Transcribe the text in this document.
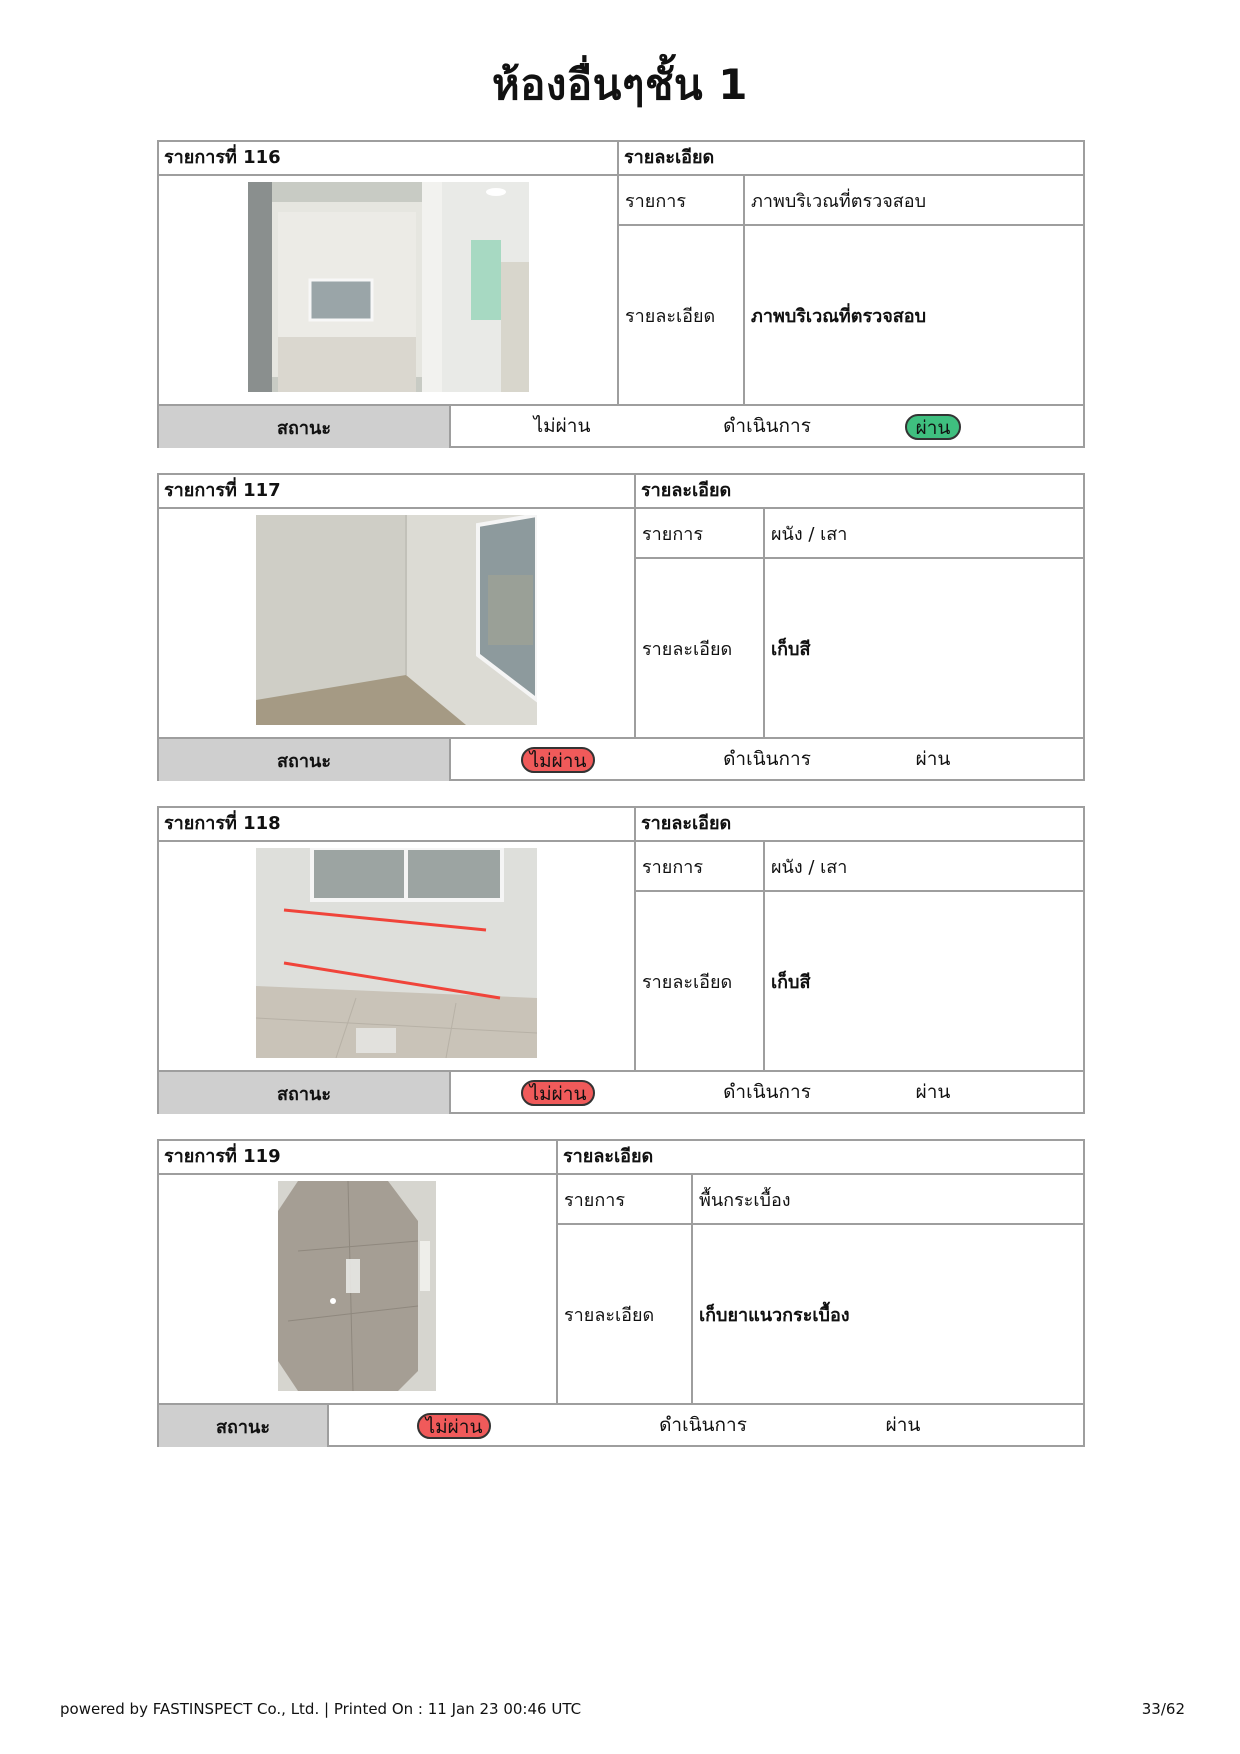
ห้องอื่นๆชั้น 1
รายการที่ 116	รายละเอียด
รายการ	ภาพบริเวณที่ตรวจสอบ
รายละเอียด	ภาพบริเวณที่ตรวจสอบ
สถานะ	ไม่ผ่าน	ดำเนินการ	ผ่าน
รายการที่ 117	รายละเอียด
รายการ	ผนัง / เสา
รายละเอียด	เก็บสี
สถานะ	ไม่ผ่าน	ดำเนินการ	ผ่าน
รายการที่ 118	รายละเอียด
รายการ	ผนัง / เสา
รายละเอียด	เก็บสี
สถานะ	ไม่ผ่าน	ดำเนินการ	ผ่าน
รายการที่ 119	รายละเอียด
รายการ	พื้นกระเบื้อง
รายละเอียด	เก็บยาแนวกระเบื้อง
สถานะ	ไม่ผ่าน	ดำเนินการ	ผ่าน
powered by FASTINSPECT Co., Ltd. | Printed On : 11 Jan 23 00:46 UTC	33/62
